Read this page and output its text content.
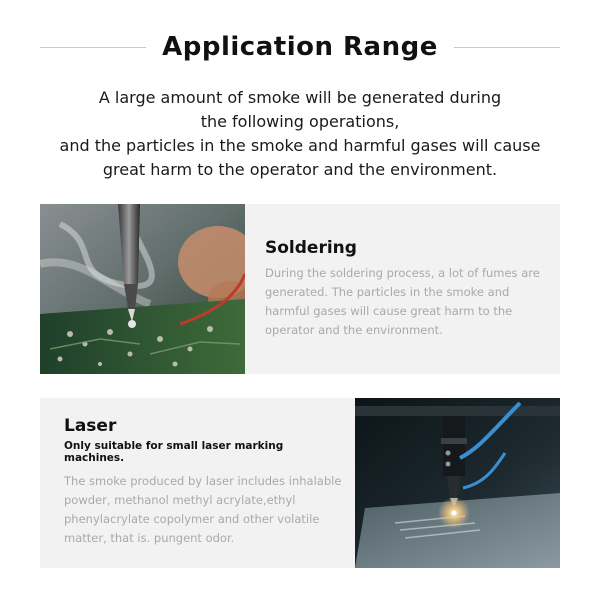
Application Range
A large amount of smoke will be generated during
the following operations,
and the particles in the smoke and harmful gases will cause
great harm to the operator and the environment.
Soldering
During the soldering process, a lot of fumes are generated. The particles in the smoke and harmful gases will cause great harm to the operator and the environment.
Laser
Only suitable for small laser marking machines.
The smoke produced by laser includes inhalable powder, methanol methyl acrylate,ethyl phenylacrylate copolymer and other volatile matter, that is. pungent odor.
